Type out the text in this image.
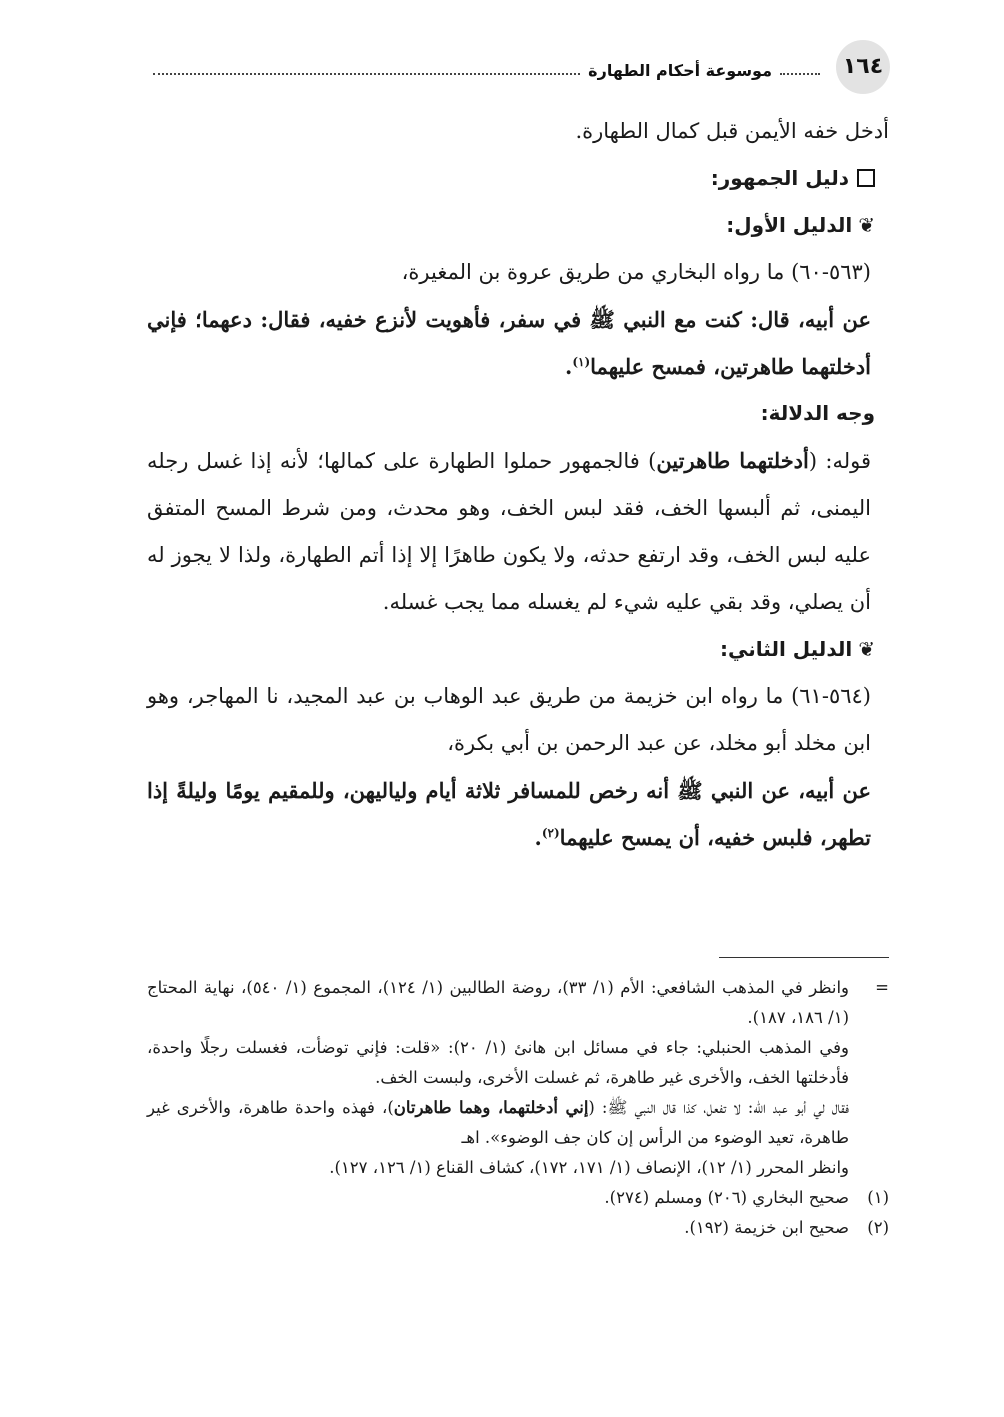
١٦٤
موسوعة أحكام الطهارة

أدخل خفه الأيمن قبل كمال الطهارة.

دليل الجمهور:

❦الدليل الأول:

(٥٦٣-٦٠) ما رواه البخاري من طريق عروة بن المغيرة،

عن أبيه، قال: كنت مع النبي ﷺ في سفر، فأهويت لأنزع خفيه، فقال: دعهما؛ فإني أدخلتهما طاهرتين، فمسح عليهما$^{(١)}$.

وجه الدلالة:

قوله: (أدخلتهما طاهرتين) فالجمهور حملوا الطهارة على كمالها؛ لأنه إذا غسل رجله اليمنى، ثم ألبسها الخف، فقد لبس الخف، وهو محدث، ومن شرط المسح المتفق عليه لبس الخف، وقد ارتفع حدثه، ولا يكون طاهرًا إلا إذا أتم الطهارة، ولذا لا يجوز له أن يصلي، وقد بقي عليه شيء لم يغسله مما يجب غسله.

❦الدليل الثاني:

(٥٦٤-٦١) ما رواه ابن خزيمة من طريق عبد الوهاب بن عبد المجيد، نا المهاجر، وهو ابن مخلد أبو مخلد، عن عبد الرحمن بن أبي بكرة،

عن أبيه، عن النبي ﷺ أنه رخص للمسافر ثلاثة أيام ولياليهن، وللمقيم يومًا وليلةً إذا تطهر، فلبس خفيه، أن يمسح عليهما$^{(٢)}$.

=
وانظر في المذهب الشافعي: الأم (١/ ٣٣)، روضة الطالبين (١/ ١٢٤)، المجموع (١/ ٥٤٠)، نهاية المحتاج (١/ ١٨٦، ١٨٧).

وفي المذهب الحنبلي: جاء في مسائل ابن هانئ (١/ ٢٠): «قلت: فإني توضأت، فغسلت رجلًا واحدة، فأدخلتها الخف، والأخرى غير طاهرة، ثم غسلت الأخرى، ولبست الخف.

فقال لي أبو عبد الله: لا تفعل، كذا قال النبي ﷺ: (إني أدخلتهما، وهما طاهرتان)، فهذه واحدة طاهرة، والأخرى غير طاهرة، تعيد الوضوء من الرأس إن كان جف الوضوء». اهـ

وانظر المحرر (١/ ١٢)، الإنصاف (١/ ١٧١، ١٧٢)، كشاف القناع (١/ ١٢٦، ١٢٧).

(١)
صحيح البخاري (٢٠٦) ومسلم (٢٧٤).
(٢)
صحيح ابن خزيمة (١٩٢).
